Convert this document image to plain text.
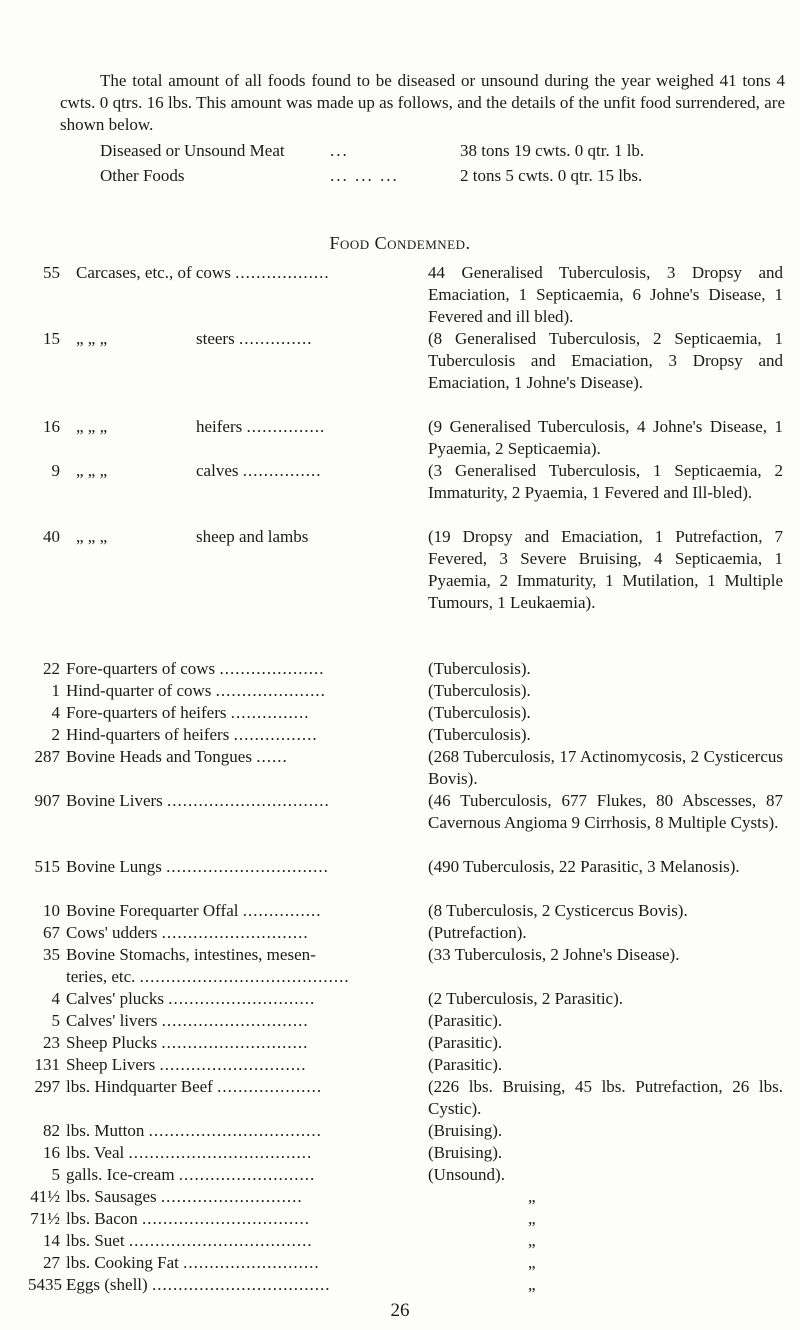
The total amount of all foods found to be diseased or unsound during the year weighed 41 tons 4 cwts. 0 qtrs. 16 lbs. This amount was made up as follows, and the details of the unfit food surrendered, are shown below.
Diseased or Unsound Meat	...	38 tons 19 cwts. 0 qtr. 1 lb.
Other Foods	... ... ...	2 tons 5 cwts. 0 qtr. 15 lbs.
Food Condemned.
55 Carcases, etc., of cows ..................	44 Generalised Tuberculosis, 3 Dropsy and Emaciation, 1 Septicaemia, 6 Johne's Disease, 1 Fevered and ill bled).
15 „ „ „	steers ..............	(8 Generalised Tuberculosis, 2 Septicaemia, 1 Tuberculosis and Emaciation, 3 Dropsy and Emaciation, 1 Johne's Disease).
16 „ „ „	heifers ...............	(9 Generalised Tuberculosis, 4 Johne's Disease, 1 Pyaemia, 2 Septicaemia).
9 „ „ „	calves ...............	(3 Generalised Tuberculosis, 1 Septicaemia, 2 Immaturity, 2 Pyaemia, 1 Fevered and Ill-bled).
40 „ „ „	sheep and lambs	(19 Dropsy and Emaciation, 1 Putrefaction, 7 Fevered, 3 Severe Bruising, 4 Septicaemia, 1 Pyaemia, 2 Immaturity, 1 Mutilation, 1 Multiple Tumours, 1 Leukaemia).
22 Fore-quarters of cows ....................	(Tuberculosis).
1 Hind-quarter of cows .....................	(Tuberculosis).
4 Fore-quarters of heifers ...............	(Tuberculosis).
2 Hind-quarters of heifers ................	(Tuberculosis).
287 Bovine Heads and Tongues ......	(268 Tuberculosis, 17 Actinomycosis, 2 Cysticercus Bovis).
907 Bovine Livers ...............................	(46 Tuberculosis, 677 Flukes, 80 Abscesses, 87 Cavernous Angioma 9 Cirrhosis, 8 Multiple Cysts).
515 Bovine Lungs ...............................	(490 Tuberculosis, 22 Parasitic, 3 Melanosis).
10 Bovine Forequarter Offal ...............	(8 Tuberculosis, 2 Cysticercus Bovis).
67 Cows' udders ............................	(Putrefaction).
35 Bovine Stomachs, intestines, mesen-
teries, etc. ........................................
(33 Tuberculosis, 2 Johne's Disease).
4 Calves' plucks ............................	(2 Tuberculosis, 2 Parasitic).
5 Calves' livers ............................	(Parasitic).
23 Sheep Plucks ............................	(Parasitic).
131 Sheep Livers ............................	(Parasitic).
297 lbs. Hindquarter Beef ....................	(226 lbs. Bruising, 45 lbs. Putrefaction, 26 lbs. Cystic).
82 lbs. Mutton .................................	(Bruising).
16 lbs. Veal ...................................	(Bruising).
5 galls. Ice-cream ..........................	(Unsound).
41½ lbs. Sausages ...........................	„
71½ lbs. Bacon ................................	„
14 lbs. Suet ...................................	„
27 lbs. Cooking Fat ..........................	„
5435 Eggs (shell) ..................................	„
26
